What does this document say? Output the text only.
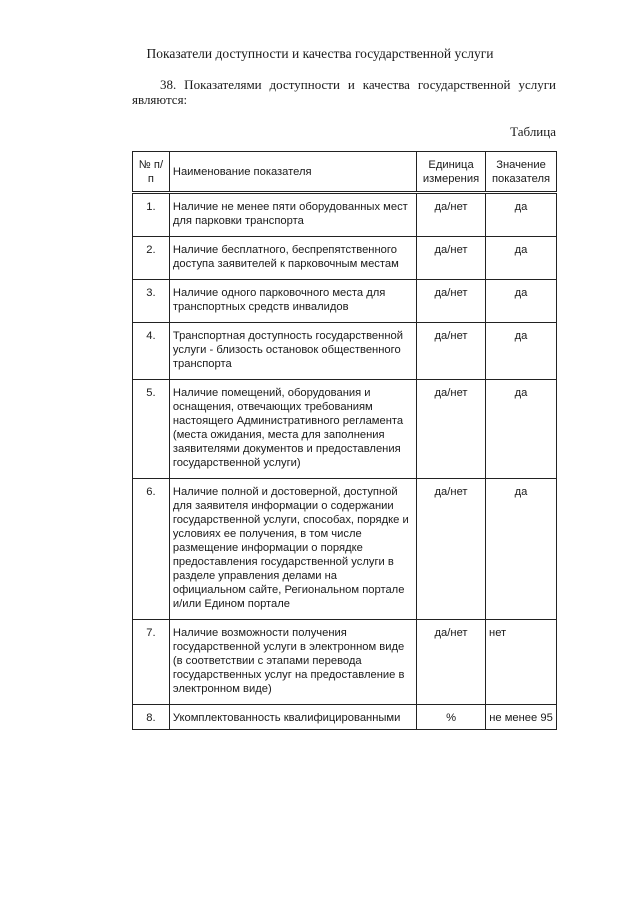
Показатели доступности и качества государственной услуги
38. Показателями доступности и качества государственной услуги
являются:
Таблица
№ п/п	Наименование показателя	Единица измерения	Значение показателя
1.	Наличие не менее пяти оборудованных мест для парковки транспорта	да/нет	да
2.	Наличие бесплатного, беспрепятственного доступа заявителей к парковочным местам	да/нет	да
3.	Наличие одного парковочного места для транспортных средств инвалидов	да/нет	да
4.	Транспортная доступность государственной услуги - близость остановок общественного транспорта	да/нет	да
5.	Наличие помещений, оборудования и оснащения, отвечающих требованиям настоящего Административного регламента (места ожидания, места для заполнения заявителями документов и предоставления государственной услуги)	да/нет	да
6.	Наличие полной и достоверной, доступной для заявителя информации о содержании государственной услуги, способах, порядке и условиях ее получения, в том числе размещение информации о порядке предоставления государственной услуги в разделе управления делами на официальном сайте, Региональном портале и/или Едином портале	да/нет	да
7.	Наличие возможности получения государственной услуги в электронном виде (в соответствии с этапами перевода государственных услуг на предоставление в электронном виде)	да/нет	нет
8.	Укомплектованность квалифицированными	%	не менее 95
